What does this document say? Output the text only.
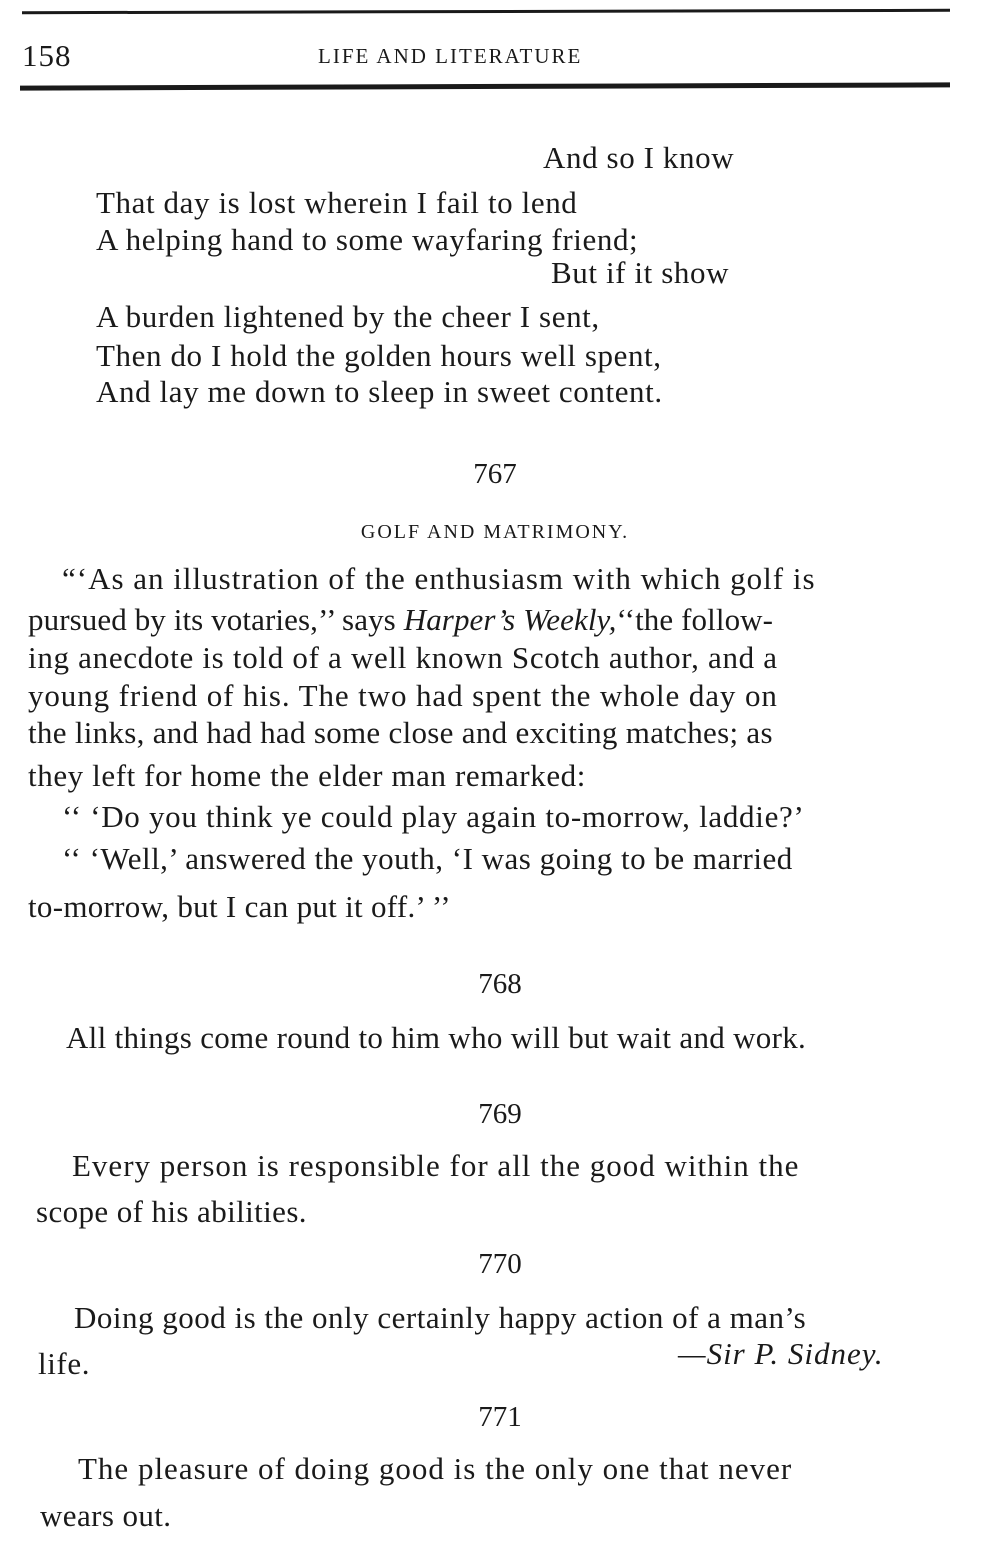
158	LIFE AND LITERATURE
And so I know
That day is lost wherein I fail to lend
A helping hand to some wayfaring friend;
But if it show
A burden lightened by the cheer I sent,
Then do I hold the golden hours well spent,
And lay me down to sleep in sweet content.
767
GOLF AND MATRIMONY.
“‘As an illustration of the enthusiasm with which golf is
pursued by its votaries,’’ says Harper’s Weekly,‘‘the follow-
ing anecdote is told of a well known Scotch author, and a
young friend of his. The two had spent the whole day on
the links, and had had some close and exciting matches; as
they left for home the elder man remarked:
‘‘ ‘Do you think ye could play again to-morrow, laddie?’
‘‘ ‘Well,’ answered the youth, ‘I was going to be married
to-morrow, but I can put it off.’ ’’
768
All things come round to him who will but wait and work.
769
Every person is responsible for all the good within the
scope of his abilities.
770
Doing good is the only certainly happy action of a man’s
life.	—Sir P. Sidney.
771
The pleasure of doing good is the only one that never
wears out.
